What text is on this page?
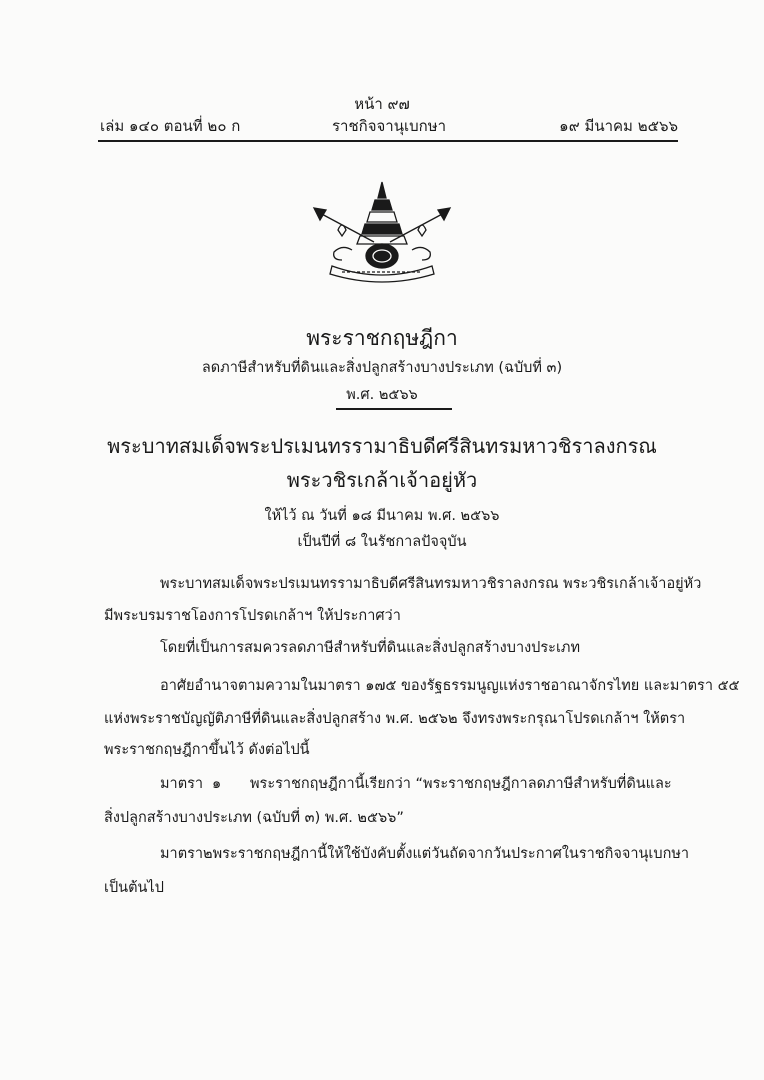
หน้า ๙๗
เล่ม ๑๔๐ ตอนที่ ๒๐ ก	ราชกิจจานุเบกษา	๑๙ มีนาคม ๒๕๖๖
พระราชกฤษฎีกา
ลดภาษีสำหรับที่ดินและสิ่งปลูกสร้างบางประเภท (ฉบับที่ ๓)
พ.ศ. ๒๕๖๖
พระบาทสมเด็จพระปรเมนทรรามาธิบดีศรีสินทรมหาวชิราลงกรณ
พระวชิรเกล้าเจ้าอยู่หัว
ให้ไว้ ณ วันที่ ๑๘ มีนาคม พ.ศ. ๒๕๖๖
เป็นปีที่ ๘ ในรัชกาลปัจจุบัน
พระบาทสมเด็จพระปรเมนทรรามาธิบดีศรีสินทรมหาวชิราลงกรณ พระวชิรเกล้าเจ้าอยู่หัว
มีพระบรมราชโองการโปรดเกล้าฯ ให้ประกาศว่า
โดยที่เป็นการสมควรลดภาษีสำหรับที่ดินและสิ่งปลูกสร้างบางประเภท
อาศัยอำนาจตามความในมาตรา ๑๗๕ ของรัฐธรรมนูญแห่งราชอาณาจักรไทย และมาตรา ๕๕
แห่งพระราชบัญญัติภาษีที่ดินและสิ่งปลูกสร้าง พ.ศ. ๒๕๖๒ จึงทรงพระกรุณาโปรดเกล้าฯ ให้ตรา
พระราชกฤษฎีกาขึ้นไว้ ดังต่อไปนี้
มาตรา ๑	พระราชกฤษฎีกานี้เรียกว่า “พระราชกฤษฎีกาลดภาษีสำหรับที่ดินและ
สิ่งปลูกสร้างบางประเภท (ฉบับที่ ๓) พ.ศ. ๒๕๖๖”
มาตรา ๒ พระราชกฤษฎีกานี้ให้ใช้บังคับตั้งแต่วันถัดจากวันประกาศในราชกิจจานุเบกษา
เป็นต้นไป
